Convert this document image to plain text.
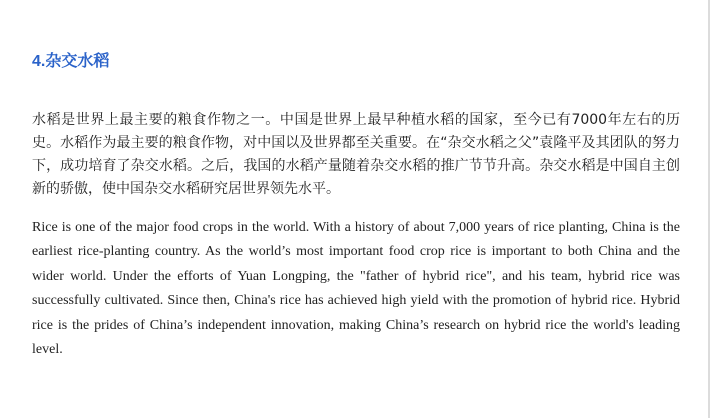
4.杂交水稻

水稻是世界上最主要的粮食作物之一。中国是世界上最早种植水稻的国家，至今已有7000年左右的历史。水稻作为最主要的粮食作物，对中国以及世界都至关重要。在“杂交水稻之父”袁隆平及其团队的努力下，成功培育了杂交水稻。之后，我国的水稻产量随着杂交水稻的推广节节升高。杂交水稻是中国自主创新的骄傲，使中国杂交水稻研究居世界领先水平。

Rice is one of the major food crops in the world. With a history of about 7,000 years of rice planting, China is the earliest rice-planting country. As the world’s most important food crop rice is important to both China and the wider world. Under the efforts of Yuan Longping, the "father of hybrid rice", and his team, hybrid rice was successfully cultivated. Since then, China's rice has achieved high yield with the promotion of hybrid rice. Hybrid rice is the prides of China’s independent innovation, making China’s research on hybrid rice the world's leading level.
